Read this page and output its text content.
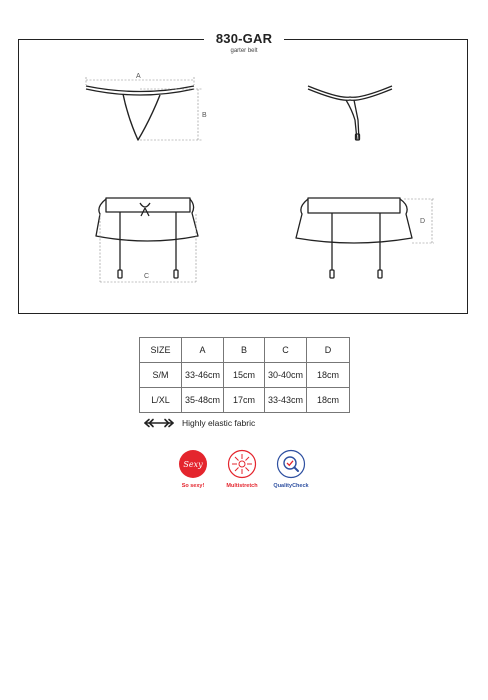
830-GAR
garter belt
A
B
C
D
SIZE	A	B	C	D
S/M	33-46cm	15cm	30-40cm	18cm
L/XL	35-48cm	17cm	33-43cm	18cm
Highly elastic fabric
Sexy
So sexy!	Multistretch	QualityCheck
